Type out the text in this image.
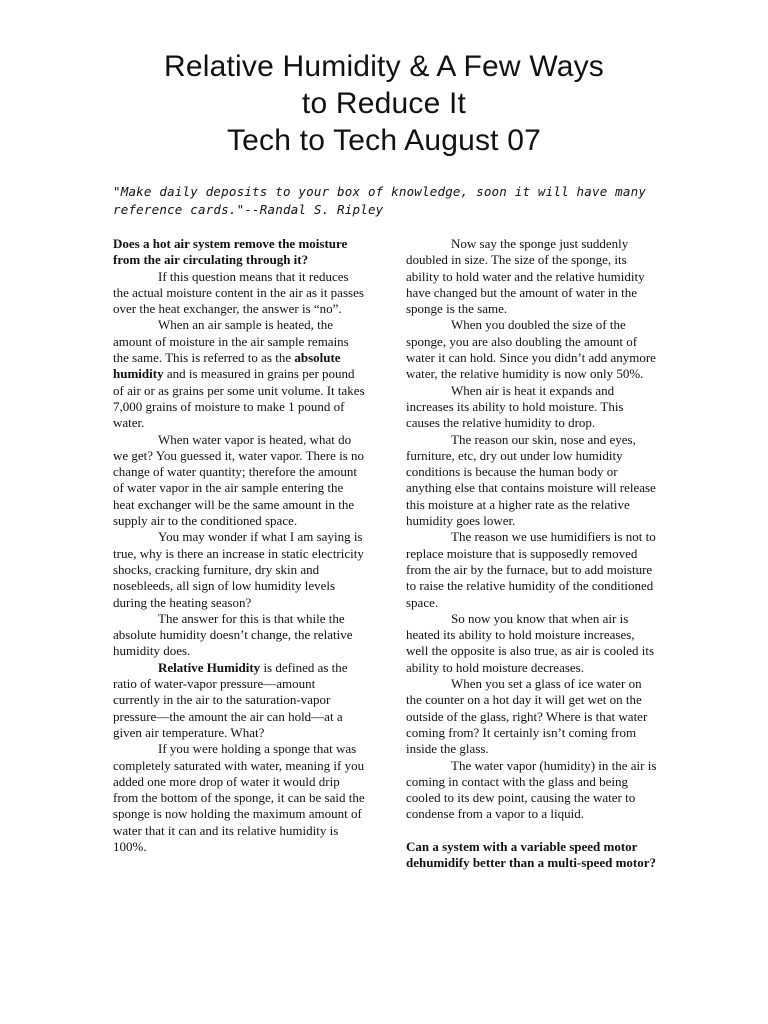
Relative Humidity & A Few Ways
to Reduce It
Tech to Tech August 07

"Make daily deposits to your box of knowledge, soon it will have many reference cards."--Randal S. Ripley

Does a hot air system remove the moisture from the air circulating through it?

If this question means that it reduces the actual moisture content in the air as it passes over the heat exchanger, the answer is “no”.

When an air sample is heated, the amount of moisture in the air sample remains the same. This is referred to as the absolute humidity and is measured in grains per pound of air or as grains per some unit volume. It takes 7,000 grains of moisture to make 1 pound of water.

When water vapor is heated, what do we get? You guessed it, water vapor. There is no change of water quantity; therefore the amount of water vapor in the air sample entering the heat exchanger will be the same amount in the supply air to the conditioned space.

You may wonder if what I am saying is true, why is there an increase in static electricity shocks, cracking furniture, dry skin and nosebleeds, all sign of low humidity levels during the heating season?

The answer for this is that while the absolute humidity doesn’t change, the relative humidity does.

Relative Humidity is defined as the ratio of water-vapor pressure—amount currently in the air to the saturation-vapor pressure—the amount the air can hold—at a given air temperature. What?

If you were holding a sponge that was completely saturated with water, meaning if you added one more drop of water it would drip from the bottom of the sponge, it can be said the sponge is now holding the maximum amount of water that it can and its relative humidity is 100%.

Now say the sponge just suddenly doubled in size. The size of the sponge, its ability to hold water and the relative humidity have changed but the amount of water in the sponge is the same.

When you doubled the size of the sponge, you are also doubling the amount of water it can hold. Since you didn’t add anymore water, the relative humidity is now only 50%.

When air is heat it expands and increases its ability to hold moisture. This causes the relative humidity to drop.

The reason our skin, nose and eyes, furniture, etc, dry out under low humidity conditions is because the human body or anything else that contains moisture will release this moisture at a higher rate as the relative humidity goes lower.

The reason we use humidifiers is not to replace moisture that is supposedly removed from the air by the furnace, but to add moisture to raise the relative humidity of the conditioned space.

So now you know that when air is heated its ability to hold moisture increases, well the opposite is also true, as air is cooled its ability to hold moisture decreases.

When you set a glass of ice water on the counter on a hot day it will get wet on the outside of the glass, right? Where is that water coming from? It certainly isn’t coming from inside the glass.

The water vapor (humidity) in the air is coming in contact with the glass and being cooled to its dew point, causing the water to condense from a vapor to a liquid.

Can a system with a variable speed motor dehumidify better than a multi-speed motor?
